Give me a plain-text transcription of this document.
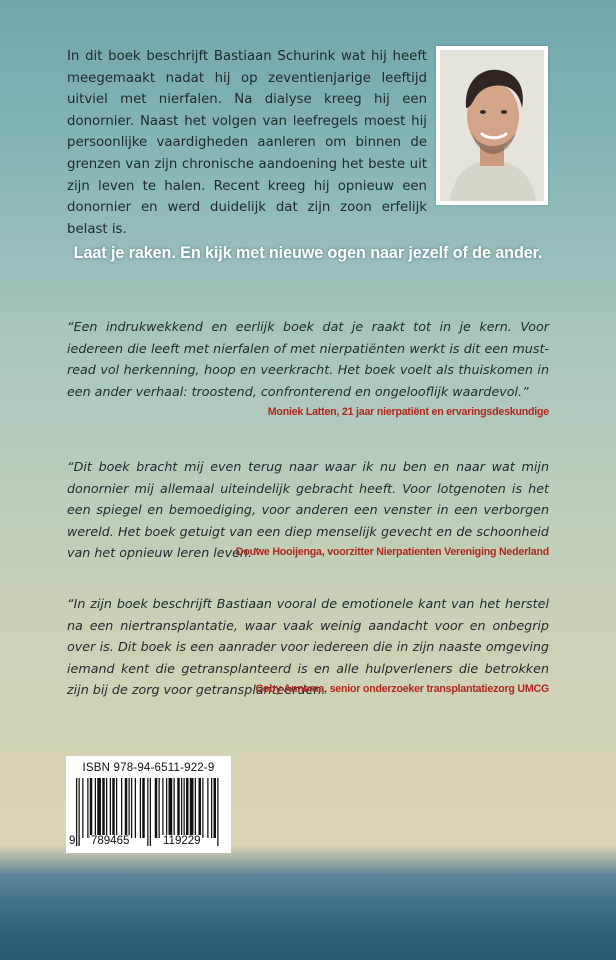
In dit boek beschrijft Bastiaan Schurink wat hij heeft meegemaakt nadat hij op zeventienjarige leeftijd uitviel met nierfalen. Na dialyse kreeg hij een donornier. Naast het volgen van leefregels moest hij persoonlijke vaardigheden aanleren om binnen de grenzen van zijn chronische aandoening het beste uit zijn leven te halen. Recent kreeg hij opnieuw een donornier en werd duidelijk dat zijn zoon erfelijk belast is.

Laat je raken. En kijk met nieuwe ogen naar jezelf of de ander.

“Een indrukwekkend en eerlijk boek dat je raakt tot in je kern. Voor iedereen die leeft met nierfalen of met nierpatiënten werkt is dit een must-read vol herkenning, hoop en veerkracht. Het boek voelt als thuiskomen in een ander verhaal: troostend, confronterend en ongelooflijk waardevol.”

Moniek Latten, 21 jaar nierpatiënt en ervaringsdeskundige

“Dit boek bracht mij even terug naar waar ik nu ben en naar wat mijn donornier mij allemaal uiteindelijk gebracht heeft. Voor lotgenoten is het een spiegel en bemoediging, voor anderen een venster in een verborgen wereld. Het boek getuigt van een diep menselijk gevecht en de schoonheid van het opnieuw leren leven.”

Douwe Hooijenga, voorzitter Nierpatienten Vereniging Nederland

“In zijn boek beschrijft Bastiaan vooral de emotionele kant van het herstel na een niertransplantatie, waar vaak weinig aandacht voor en onbegrip over is. Dit boek is een aanrader voor iedereen die in zijn naaste omgeving iemand kent die getransplanteerd is en alle hulpverleners die betrokken zijn bij de zorg voor getransplanteerden.

Coby Annema, senior onderzoeker transplantatiezorg UMCG
ISBN 978-94-6511-922-9
9 789465	119229
